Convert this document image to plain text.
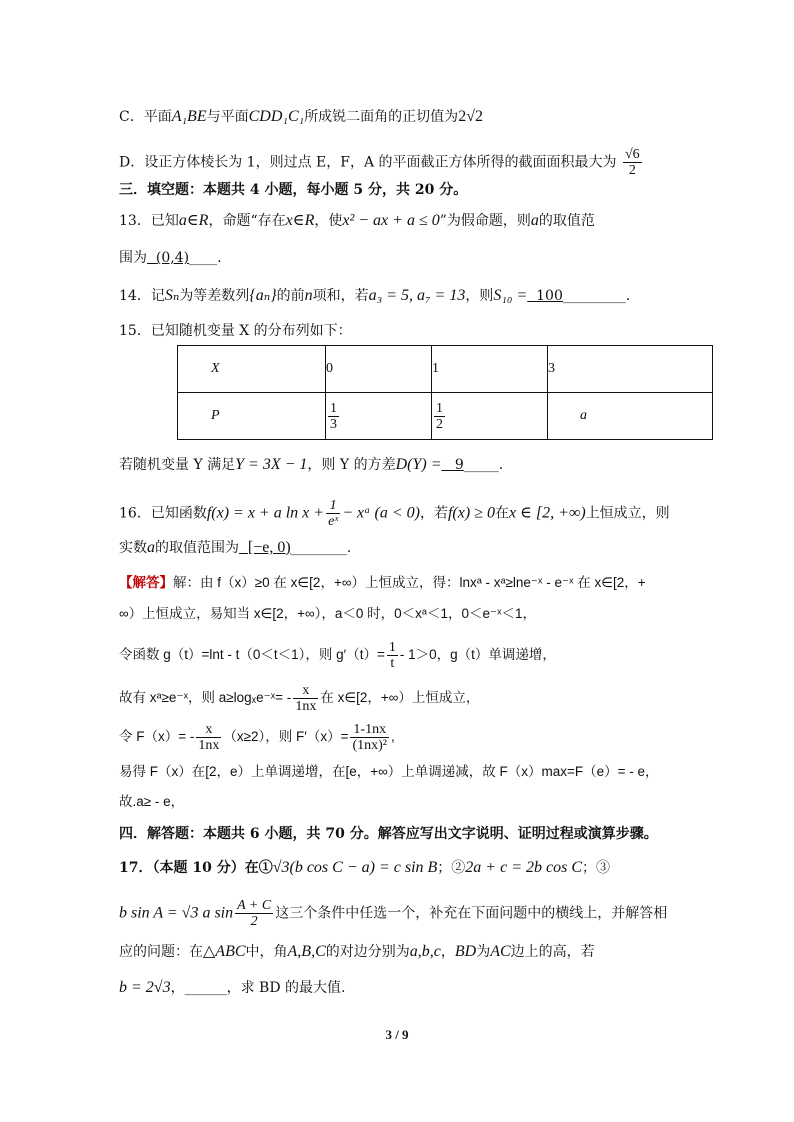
C．平面A₁BE与平面CDD₁C₁所成锐二面角的正切值为2√2
D．设正方体棱长为 1，则过点 E，F，A 的平面截正方体所得的截面面积最大为 $\frac{√6}{2}$
三．填空题：本题共 4 小题，每小题 5 分，共 20 分。
13．已知a∈R，命题“存在x∈R，使x² − ax + a ≤ 0”为假命题，则a的取值范
围为 (0,4)____.
14．记Sₙ为等差数列{aₙ}的前n项和，若a₃ = 5, a₇ = 13，则S₁₀ = 100_________.
15．已知随机变量 X 的分布列如下：
X	0	1	3
P	$\frac{1}{3}$	$\frac{1}{2}$	a
若随机变量 Y 满足Y = 3X − 1，则 Y 的方差D(Y) = 9_____.
16．已知函数f(x) = x + a $\ln x + \frac{1}{\text{eˣ}}$ − xᵃ (a < 0)，若f(x) ≥ 0在x ∈ [2, +∞)上恒成立，则
实数a的取值范围为 [−e, 0)________.
【解答】解：由 f（x）≥0 在 x∈[2，+∞）上恒成立，得：lnxᵃ - xᵃ≥lne⁻ˣ - e⁻ˣ 在 x∈[2，+
∞）上恒成立，易知当 x∈[2，+∞），a＜0 时，0＜xᵃ＜1，0＜e⁻ˣ＜1，
令函数 g（t）=lnt - t（0＜t＜1），则 $g'(t)= \frac{1}{t} - 1>0$，g（t）单调递增，
故有 xᵃ≥e⁻ˣ，则 a≥logₓe⁻ˣ= - $\frac{x}{1nx}$ 在 x∈[2，+∞）上恒成立，
令 $F(x)= - \frac{x}{1nx} (x\ge 2)$，则 $F'(x)= \frac{1-1nx}{\text{(1nx)²}}$ ,
易得 F（x）在[2，e）上单调递增，在[e，+∞）上单调递减，故 F（x）max=F（e）= - e，
故.a≥ - e，
四．解答题：本题共 6 小题，共 70 分。解答应写出文字说明、证明过程或演算步骤。
17．（本题 10 分）在①√3(b cos C − a) = c sin B；②2a + c = 2b cos C；③
b sin A = √3 a $\sin \frac{A + C}{2}$ 这三个条件中任选一个，补充在下面问题中的横线上，并解答相
应的问题：在△ABC中，角A,B,C的对边分别为a,b,c，BD为AC边上的高，若
b = 2√3，______，求 BD 的最大值.
3 / 9
